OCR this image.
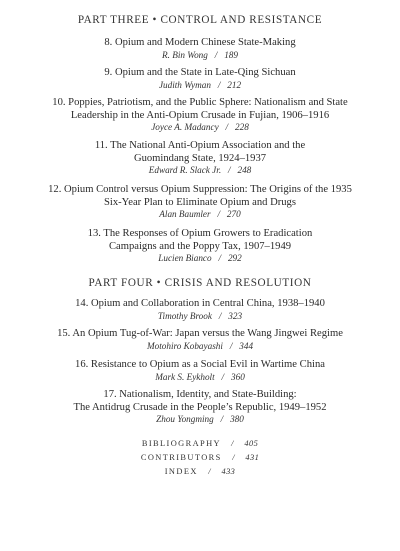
PART THREE • CONTROL AND RESISTANCE

8. Opium and Modern Chinese State-Making
R. Bin Wong / 189
9. Opium and the State in Late-Qing Sichuan
Judith Wyman / 212
10. Poppies, Patriotism, and the Public Sphere: Nationalism and State
Leadership in the Anti-Opium Crusade in Fujian, 1906–1916
Joyce A. Madancy / 228
11. The National Anti-Opium Association and the
Guomindang State, 1924–1937
Edward R. Slack Jr. / 248
12. Opium Control versus Opium Suppression: The Origins of the 1935
Six-Year Plan to Eliminate Opium and Drugs
Alan Baumler / 270
13. The Responses of Opium Growers to Eradication
Campaigns and the Poppy Tax, 1907–1949
Lucien Bianco / 292

PART FOUR • CRISIS AND RESOLUTION

14. Opium and Collaboration in Central China, 1938–1940
Timothy Brook / 323
15. An Opium Tug-of-War: Japan versus the Wang Jingwei Regime
Motohiro Kobayashi / 344
16. Resistance to Opium as a Social Evil in Wartime China
Mark S. Eykholt / 360
17. Nationalism, Identity, and State-Building:
The Antidrug Crusade in the People’s Republic, 1949–1952
Zhou Yongming / 380
BIBLIOGRAPHY / 405
CONTRIBUTORS / 431
INDEX / 433
